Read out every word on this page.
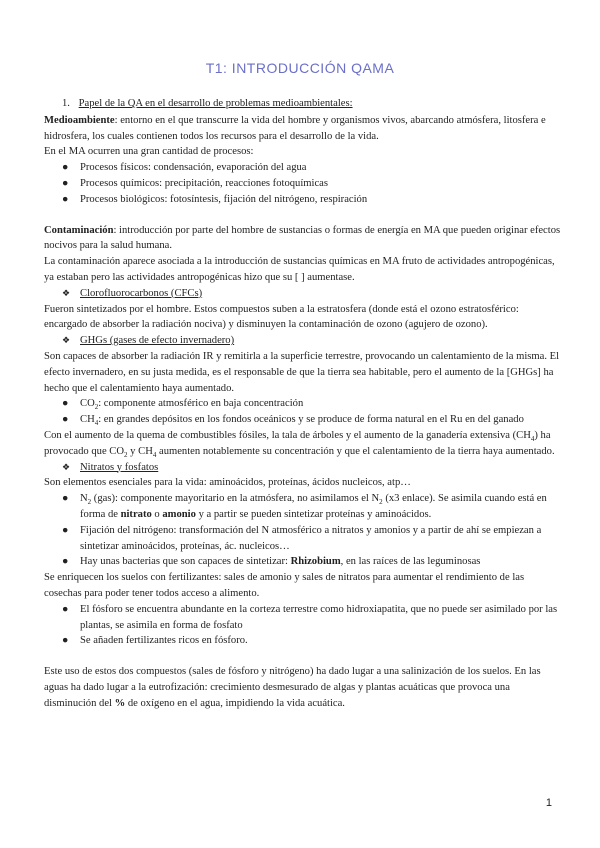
T1: INTRODUCCIÓN QAMA

1. Papel de la QA en el desarrollo de problemas medioambientales:

Medioambiente: entorno en el que transcurre la vida del hombre y organismos vivos, abarcando atmósfera, litosfera e hidrosfera, los cuales contienen todos los recursos para el desarrollo de la vida.

En el MA ocurren una gran cantidad de procesos:

● Procesos físicos: condensación, evaporación del agua
● Procesos químicos: precipitación, reacciones fotoquímicas
● Procesos biológicos: fotosíntesis, fijación del nitrógeno, respiración

Contaminación: introducción por parte del hombre de sustancias o formas de energía en MA que pueden originar efectos nocivos para la salud humana.

La contaminación aparece asociada a la introducción de sustancias químicas en MA fruto de actividades antropogénicas, ya estaban pero las actividades antropogénicas hizo que su [ ] aumentase.

❖ Clorofluorocarbonos (CFCs)

Fueron sintetizados por el hombre. Estos compuestos suben a la estratosfera (donde está el ozono estratosférico: encargado de absorber la radiación nociva) y disminuyen la contaminación de ozono (agujero de ozono).

❖ GHGs (gases de efecto invernadero)

Son capaces de absorber la radiación IR y remitirla a la superficie terrestre, provocando un calentamiento de la misma. El efecto invernadero, en su justa medida, es el responsable de que la tierra sea habitable, pero el aumento de la [GHGs] ha hecho que el calentamiento haya aumentado.

● $CO_2$: componente atmosférico en baja concentración
● $CH_4$: en grandes depósitos en los fondos oceánicos y se produce de forma natural en el Ru en del ganado

Con el aumento de la quema de combustibles fósiles, la tala de árboles y el aumento de la ganadería extensiva $(CH_4)$ ha provocado que $CO_2$ y $CH_4$ aumenten notablemente su concentración y que el calentamiento de la tierra haya aumentado.

❖ Nitratos y fosfatos

Son elementos esenciales para la vida: aminoácidos, proteínas, ácidos nucleicos, atp…

● $N_2$ (gas): componente mayoritario en la atmósfera, no asimilamos el $N_2$ (x3 enlace). Se asimila cuando está en forma de nitrato o amonio y a partir se pueden sintetizar proteínas y aminoácidos.
● Fijación del nitrógeno: transformación del N atmosférico a nitratos y amonios y a partir de ahí se empiezan a sintetizar aminoácidos, proteínas, ác. nucleicos…
● Hay unas bacterias que son capaces de sintetizar: Rhizobium, en las raíces de las leguminosas

Se enriquecen los suelos con fertilizantes: sales de amonio y sales de nitratos para aumentar el rendimiento de las cosechas para poder tener todos acceso a alimento.

● El fósforo se encuentra abundante en la corteza terrestre como hidroxiapatita, que no puede ser asimilado por las plantas, se asimila en forma de fosfato
● Se añaden fertilizantes ricos en fósforo.

Este uso de estos dos compuestos (sales de fósforo y nitrógeno) ha dado lugar a una salinización de los suelos. En las aguas ha dado lugar a la eutrofización: crecimiento desmesurado de algas y plantas acuáticas que provoca una disminución del % de oxígeno en el agua, impidiendo la vida acuática.

1
